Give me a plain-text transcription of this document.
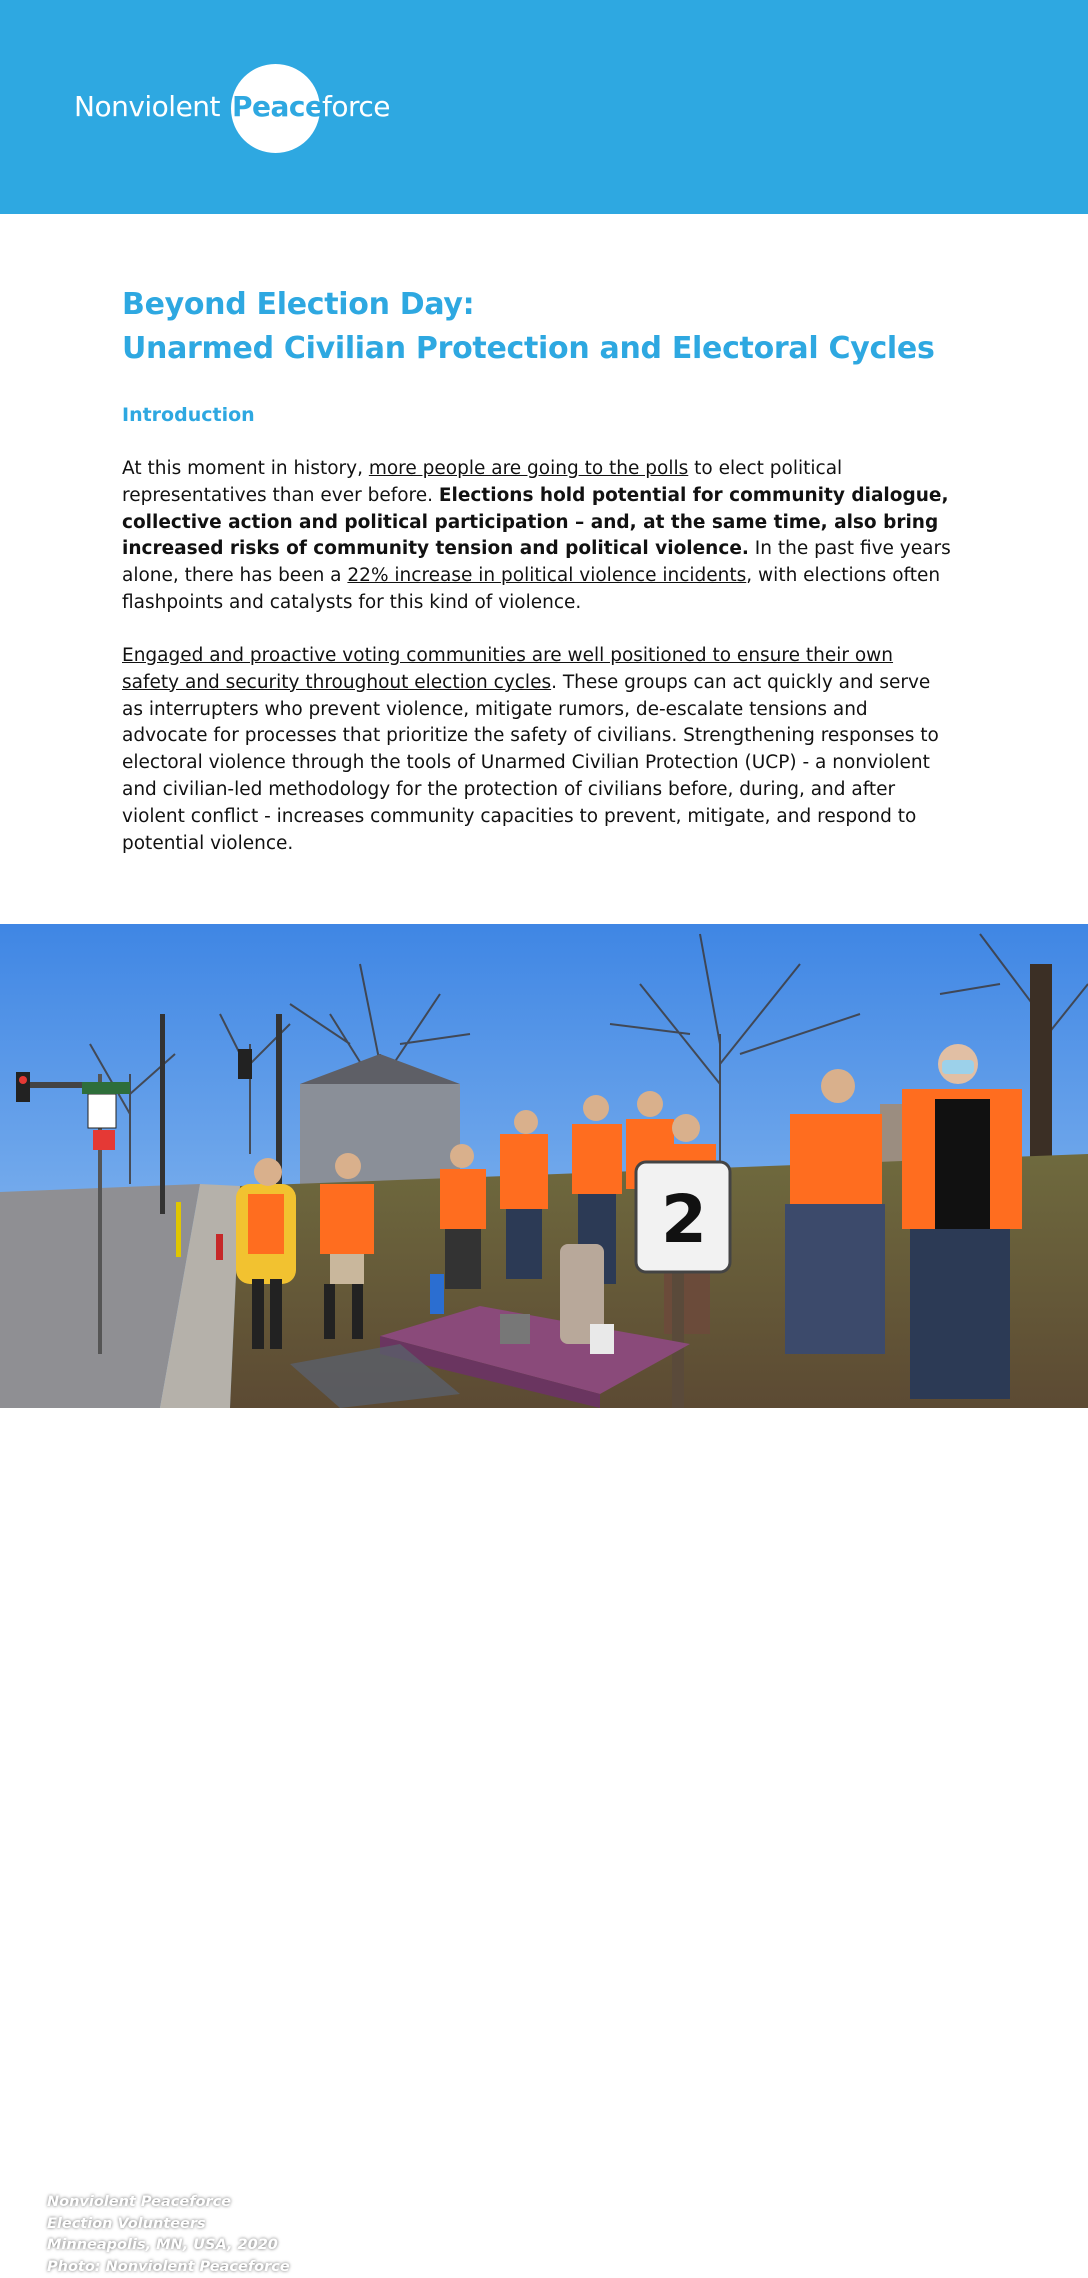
Nonviolent Peace
force
Beyond Election Day:
Unarmed Civilian Protection and Electoral Cycles
Introduction
At this moment in history, more people are going to the polls to elect political representatives than ever before. Elections hold potential for community dialogue, collective action and political participation – and, at the same time, also bring increased risks of community tension and political violence. In the past five years alone, there has been a 22% increase in political violence incidents, with elections often flashpoints and catalysts for this kind of violence.
Engaged and proactive voting communities are well positioned to ensure their own safety and security throughout election cycles. These groups can act quickly and serve as interrupters who prevent violence, mitigate rumors, de-escalate tensions and advocate for processes that prioritize the safety of civilians. Strengthening responses to electoral violence through the tools of Unarmed Civilian Protection (UCP) - a nonviolent and civilian-led methodology for the protection of civilians before, during, and after violent conflict - increases community capacities to prevent, mitigate, and respond to potential violence.
2
Nonviolent Peaceforce
Election Volunteers
Minneapolis, MN, USA, 2020
Photo: Nonviolent Peaceforce
